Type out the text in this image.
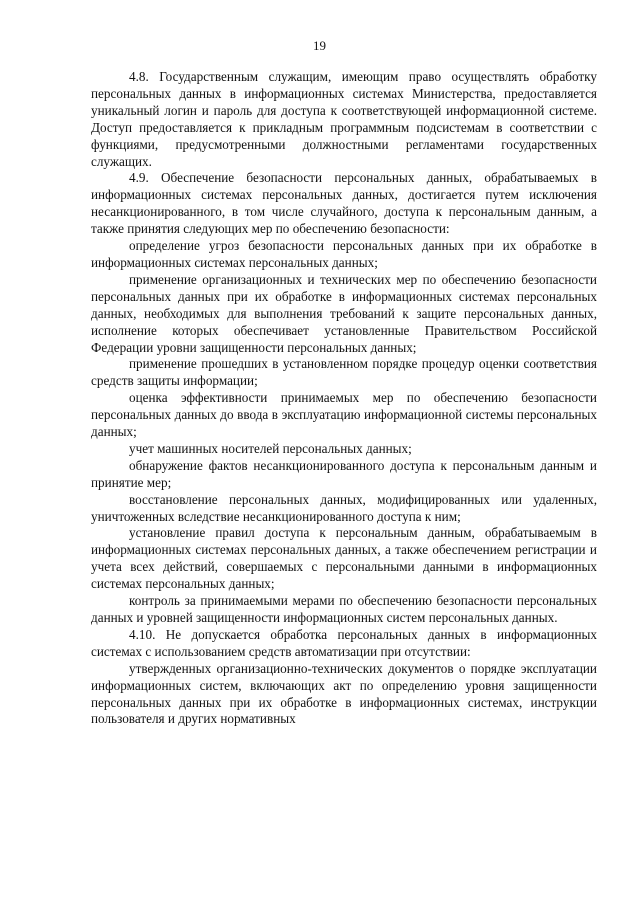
19

4.8. Государственным служащим, имеющим право осуществлять обработку персональных данных в информационных системах Министерства, предоставляется уникальный логин и пароль для доступа к соответствующей информационной системе. Доступ предоставляется к прикладным программным подсистемам в соответствии с функциями, предусмотренными должностными регламентами государственных служащих.

4.9. Обеспечение безопасности персональных данных, обрабатываемых в информационных системах персональных данных, достигается путем исключения несанкционированного, в том числе случайного, доступа к персональным данным, а также принятия следующих мер по обеспечению безопасности:

определение угроз безопасности персональных данных при их обработке в информационных системах персональных данных;

применение организационных и технических мер по обеспечению безопасности персональных данных при их обработке в информационных системах персональных данных, необходимых для выполнения требований к защите персональных данных, исполнение которых обеспечивает установленные Правительством Российской Федерации уровни защищенности персональных данных;

применение прошедших в установленном порядке процедур оценки соответствия средств защиты информации;

оценка эффективности принимаемых мер по обеспечению безопасности персональных данных до ввода в эксплуатацию информационной системы персональных данных;

учет машинных носителей персональных данных;

обнаружение фактов несанкционированного доступа к персональным данным и принятие мер;

восстановление персональных данных, модифицированных или удаленных, уничтоженных вследствие несанкционированного доступа к ним;

установление правил доступа к персональным данным, обрабатываемым в информационных системах персональных данных, а также обеспечением регистрации и учета всех действий, совершаемых с персональными данными в информационных системах персональных данных;

контроль за принимаемыми мерами по обеспечению безопасности персональных данных и уровней защищенности информационных систем персональных данных.

4.10. Не допускается обработка персональных данных в информационных системах с использованием средств автоматизации при отсутствии:

утвержденных организационно-технических документов о порядке эксплуатации информационных систем, включающих акт по определению уровня защищенности персональных данных при их обработке в информационных системах, инструкции пользователя и других нормативных
